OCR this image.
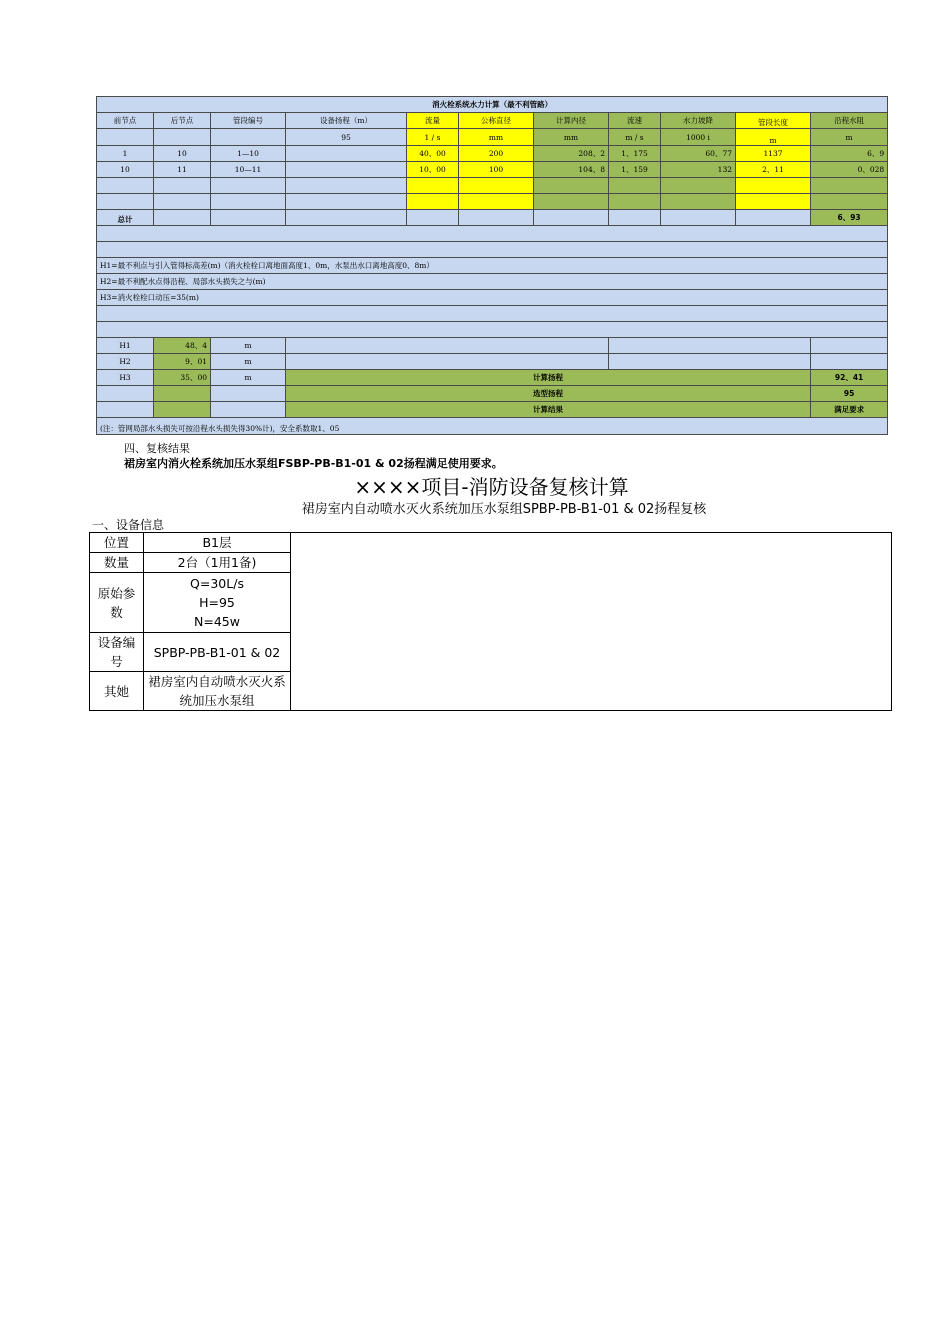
消火栓系统水力计算（最不利管路）										
前节点	后节点	管段编号	设备扬程（m）	流量	公称直径	计算内径	流速	水力坡降	管段长度	沿程水阻
			95	1 / s	mm	mm	m / s	1000 i	m	m
1	10	1—10		40、00	200	208、2	1、175	60、77	1137	6、9
10	11	10—11		10、00	100	104、8	1、159	132	2、11	0、028

总计										6、93

H1=最不利点与引入管得标高差(m)（消火栓栓口离地面高度1、0m，水泵出水口离地高度0、8m）										
H2=最不利配水点得沿程、局部水头损失之与(m)										
H3=消火栓栓口动压=35(m)										

H1	48、4	m								
H2	9、01	m								
H3	35、00	m	计算扬程							92、41
			选型扬程							95
			计算结果							满足要求
(注：管网局部水头损失可按沿程水头损失得30%计)，安全系数取1、05										
四、复核结果
裙房室内消火栓系统加压水泵组FSBP-PB-B1-01 & 02扬程满足使用要求。
××××项目-消防设备复核计算
裙房室内自动喷水灭火系统加压水泵组SPBP-PB-B1-01 & 02扬程复核
一、设备信息
位置	B1层	
数量	2台（1用1备)	
原始参数	Q=30L/s
H=95
N=45w	

设备编号	SPBP-PB-B1-01 & 02	
其她	裙房室内自动喷水灭火系统加压水泵组	
